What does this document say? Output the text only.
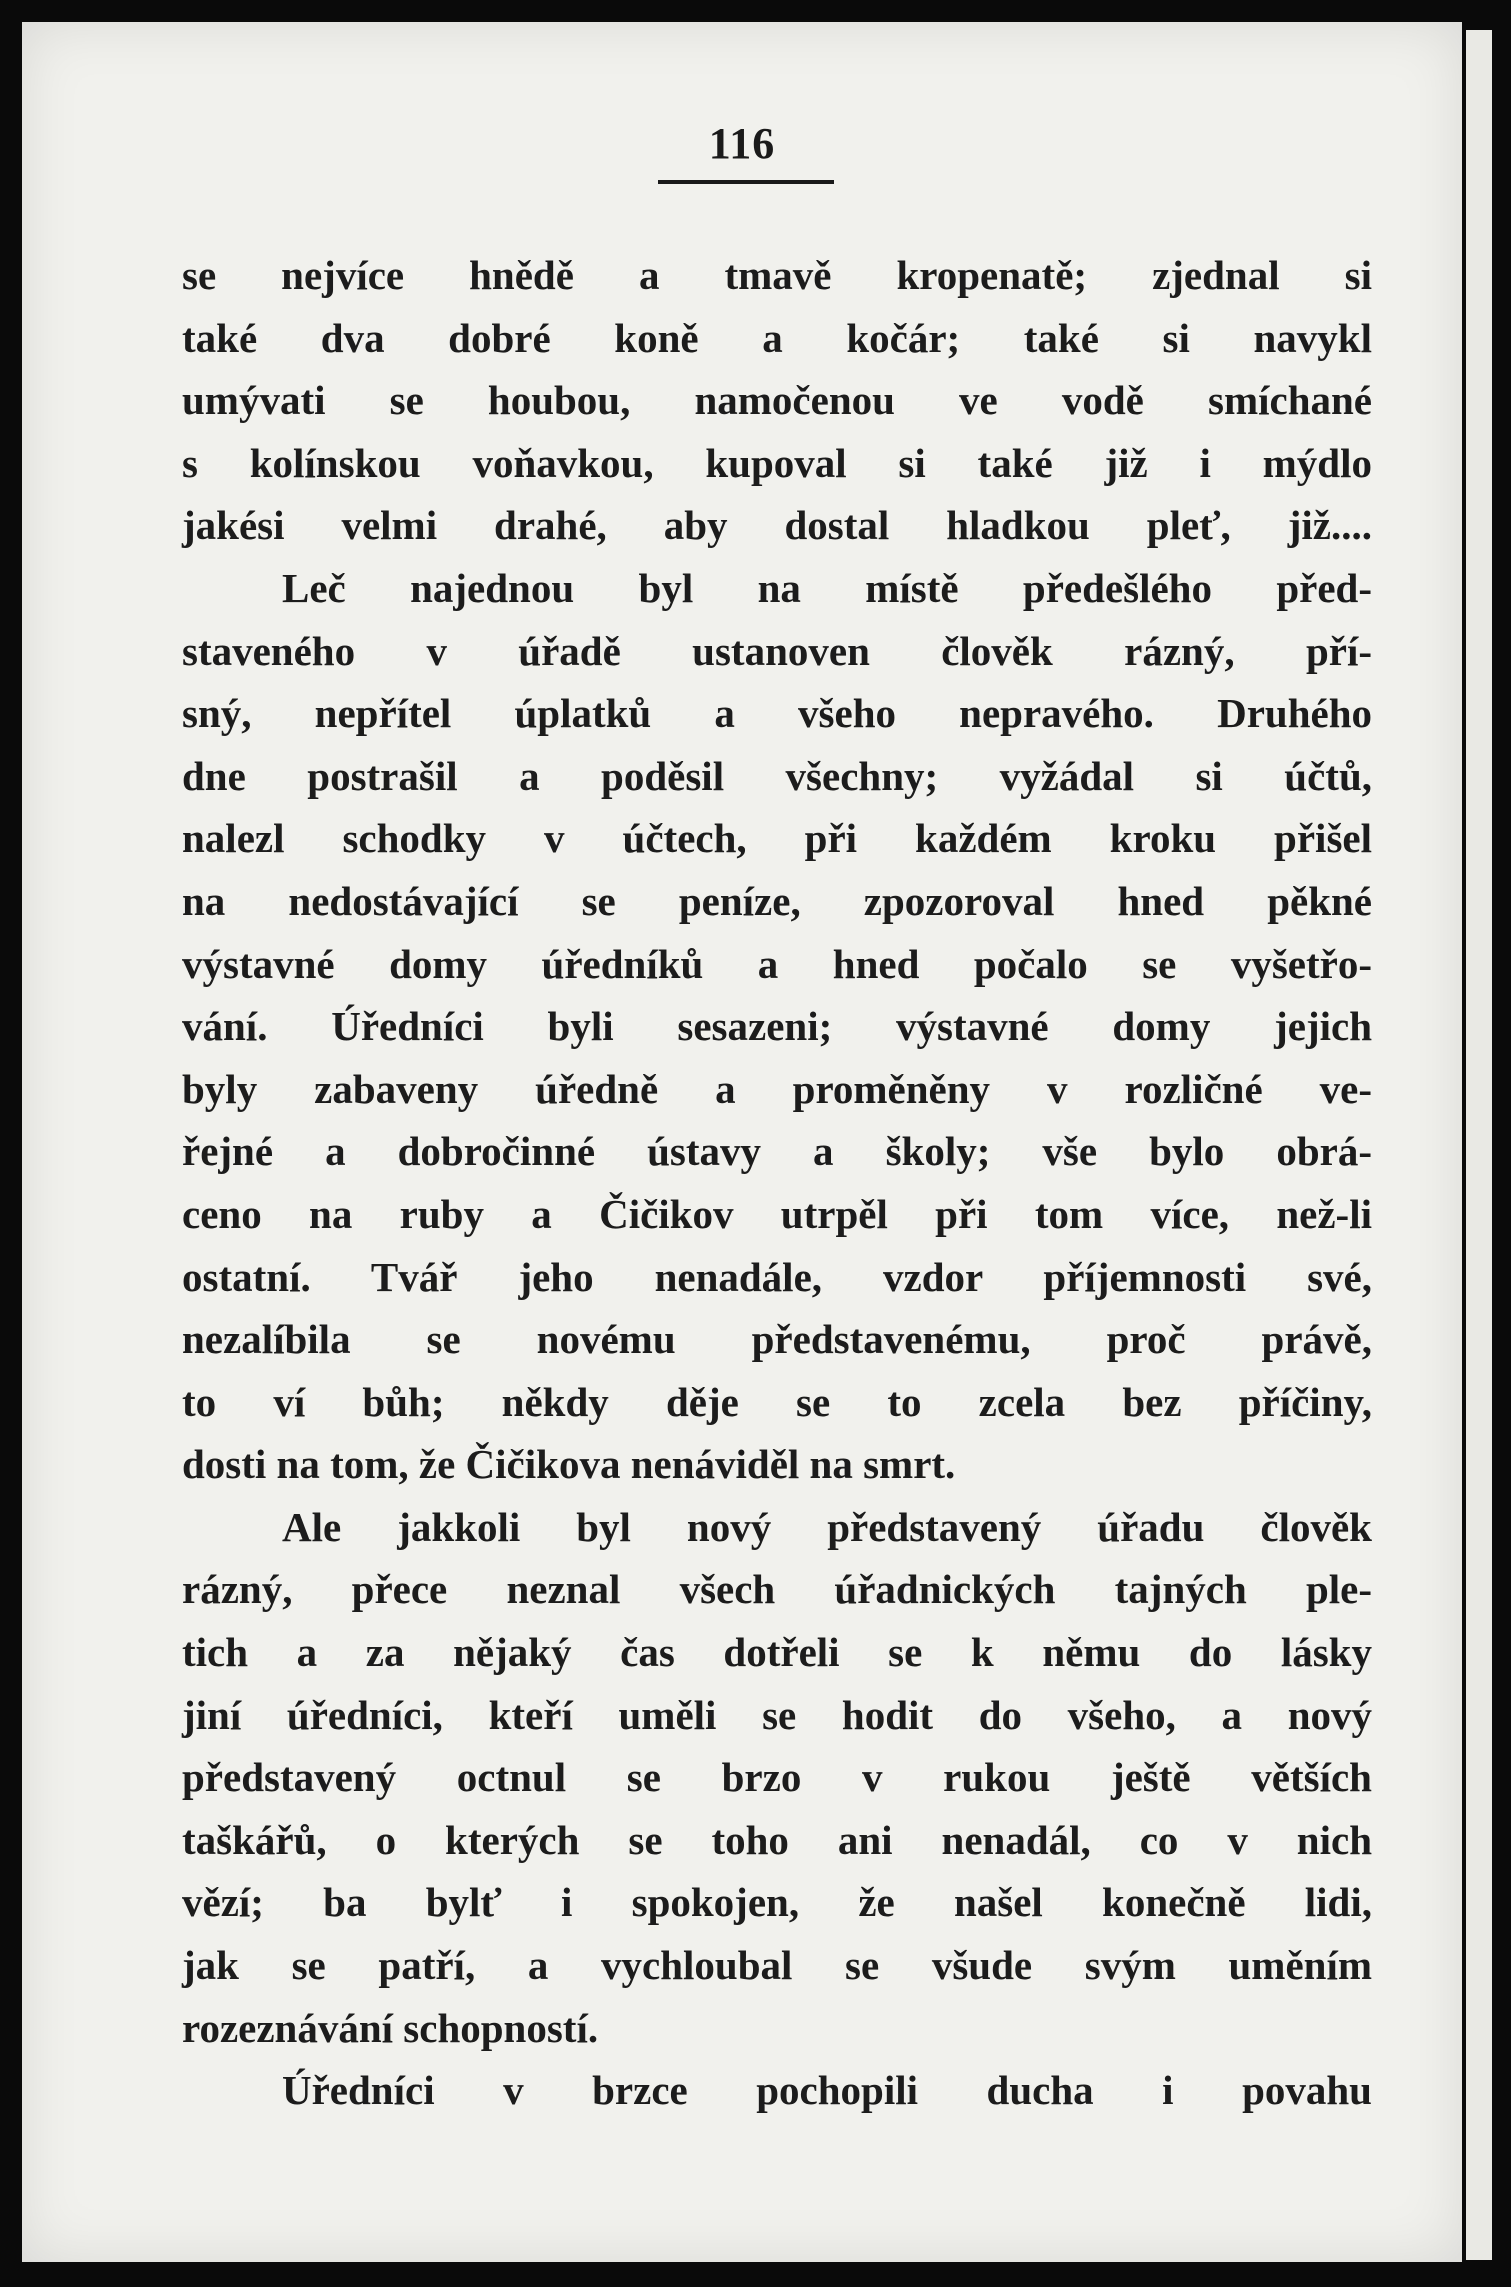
116
se nejvíce hnědě a tmavě kropenatě; zjednal si
také dva dobré koně a kočár; také si navykl
umývati se houbou, namočenou ve vodě smíchané
s kolínskou voňavkou, kupoval si také již i mýdlo
jakési velmi drahé, aby dostal hladkou pleť, již....
Leč najednou byl na místě předešlého před-
staveného v úřadě ustanoven člověk rázný, pří-
sný, nepřítel úplatků a všeho nepravého. Druhého
dne postrašil a poděsil všechny; vyžádal si účtů,
nalezl schodky v účtech, při každém kroku přišel
na nedostávající se peníze, zpozoroval hned pěkné
výstavné domy úředníků a hned počalo se vyšetřo-
vání. Úředníci byli sesazeni; výstavné domy jejich
byly zabaveny úředně a proměněny v rozličné ve-
řejné a dobročinné ústavy a školy; vše bylo obrá-
ceno na ruby a Čičikov utrpěl při tom více, než-li
ostatní. Tvář jeho nenadále, vzdor příjemnosti své,
nezalíbila se novému představenému, proč právě,
to ví bůh; někdy děje se to zcela bez příčiny,
dosti na tom, že Čičikova nenáviděl na smrt.
Ale jakkoli byl nový představený úřadu člověk
rázný, přece neznal všech úřadnických tajných ple-
tich a za nějaký čas dotřeli se k němu do lásky
jiní úředníci, kteří uměli se hodit do všeho, a nový
představený octnul se brzo v rukou ještě větších
taškářů, o kterých se toho ani nenadál, co v nich
vězí; ba bylť i spokojen, že našel konečně lidi,
jak se patří, a vychloubal se všude svým uměním
rozeznávání schopností.
Úředníci v brzce pochopili ducha i povahu
